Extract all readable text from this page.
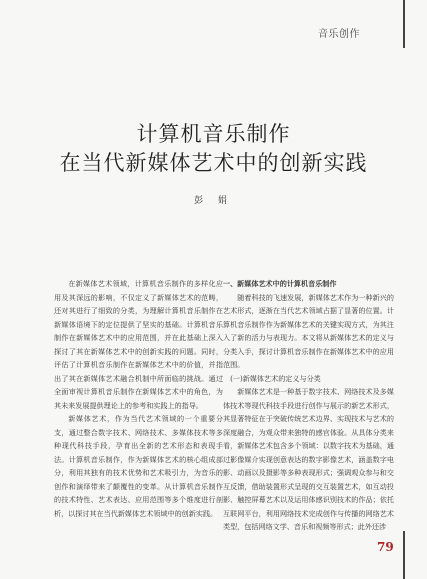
音乐创作
计算机音乐制作
在当代新媒体艺术中的创新实践
彭 娟

在新媒体艺术领域，计算机音乐制作的多样化应用及其深远的影响，不仅定义了新媒体艺术的范畴，还对其进行了细致的分类，为理解计算机音乐制作在新媒体语境下的定位提供了坚实的基础。计算机音乐制作在新媒体艺术中的应用范围，并在此基础上深入探讨了其在新媒体艺术中的创新实践的问题。同时，评估了计算机音乐制作在新媒体艺术中的价值，并指出了其在新媒体艺术融合机制中所面临的挑战。通过全面审视计算机音乐制作在新媒体艺术中的角色，为其未来发展提供理论上的参考和实践上的指导。

新媒体艺术，作为当代艺术领域的一个重要分支，通过整合数字技术、网络技术、多媒体技术等多种现代科技手段，孕育出全新的艺术形态和表现手法。计算机音乐制作，作为新媒体艺术的核心组成部分，利用其独有的技术优势和艺术吸引力，为音乐的创作和演绎带来了颠覆性的变革。从计算机音乐制作的技术特性、艺术表达、应用范围等多个维度进行剖析，以探讨其在当代新媒体艺术领域中的创新实践。

一、新媒体艺术中的计算机音乐制作

随着科技的飞速发展，新媒体艺术作为一种新兴的艺术形式，逐渐在当代艺术领域占据了显著的位置。计算机音乐制作作为新媒体艺术的关键实现方式，为其注入了新的活力与表现力。本文将从新媒体艺术的定义与分类入手，探讨计算机音乐制作在新媒体艺术中的应用范围。

(一)新媒体艺术的定义与分类

新媒体艺术是一种基于数字技术、网络技术及多媒体技术等现代科技手段进行创作与展示的新艺术形式，其显著特征在于突破传统艺术边界、实现技术与艺术的深度融合，为观众带来独特的感官体验。从具体分类来看，新媒体艺术包含多个领域：以数字技术为基础，通过影像媒介实现创意表达的数字影像艺术，涵盖数字电影、动画以及摄影等多种表现形式；强调观众参与和交互反馈，借助装置形式呈现的交互装置艺术，如互动投影、触控屏幕艺术以及运用体感识别技术的作品；依托互联网平台，利用网络技术完成创作与传播的网络艺术类型，包括网络文学、音乐和视频等形式；此外还涉

79
